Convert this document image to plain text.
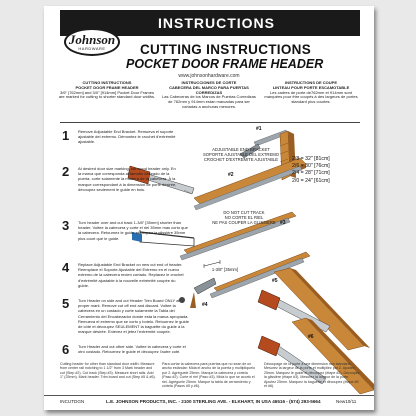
INSTRUCTIONS
Johnson
HARDWARE	CUTTING INSTRUCTIONS
POCKET DOOR FRAME HEADER
www.johnsonhardware.com
CUTTING INSTRUCTIONS
POCKET DOOR FRAME HEADER
3/6" [762mm] and 3/0" [914mm] Pocket Door Frames are marked for cutting to shorter standard door widths.
INSTRUCCIONES DE CORTE
CABECERA DEL MARCO PARA PUERTAS CORREDIZAS
Las Cabeceras de los Marcos de Puertas Corredizas de 762mm y 914mm estan marcadas para ser cortadas a anchuras menores.
INSTRUCTIONS DE COUPE
LINTEAU POUR PORTE ESCAMOTABLE
Les cadres de porte de762mm et 914mm sont marquées pour être coupés à des largeurs de portes standard plus courtes.
#1
ADJUSTABLE END BRACKET
SOPORTE AJUSTABLE DEL EXTREMO
CROCHET D'EXTREMITE AJUSTABLE
#2
DO NOT CUT TRACK
NO CORTE EL RIEL
NE PAS COUPER LA GLISSIERE #3
1-3/8" [35mm]
#4
#5
#6
2/8 = 32" [81cm]
2/6 = 30" [76cm]
2/4 = 28" [71cm]
2/0 = 24" [61cm]
1 Remove Adjustable End Bracket. Remueva el soporte ajustable del extremo. Démontez le crochet d'extrémité ajustable.
2 At desired door size marking, cut wood header only. En la marca que corresponda al tamaño deseado de la puerta, corte solamente la madera de la cabecera. À la marque correspondant à la dimension de porte désirée, découpez seulement le guide en bois.
3 Turn header over and cut track 1-3/8" [35mm] shorter than header. Voltee la cabecera y corte el riel 35mm mas corto que la cabecera. Retournez le guide et coupez la glissière 35mm plus court que le guide.
4 Replace Adjustable End Bracket on new cut end of header. Reemplace el Soporte Ajustable del Extremo en el nuevo extremo de la cabecera recien cortado. Replacez le crochet d'extrémité ajustable à la nouvelle extrémité coupée du guide.
5 Turn Header on side and cut Header Trim Board ONLY at proper mark. Remove cut off end and discard. Voltee la cabecera en un costado y corte solamente la Tabla del Cerramiento del Encabezador donde esta la marca apropiada. Remueva el extremo que se corto y botelo. Retournez le guide de côté et découpez SEULEMENT la baguette du guide à la marque désirée. Enlevez et jetez l'extrémité coupée.
6 Turn Header and cut other side. Voltee la cabecera y corte el otro costado. Retournez le guide et découpez l'autre coté.
Cutting header for other than standard door width: Measure from center rail notching to 1 1/2" from 3 Mark header and cut (Step #2). Cut track (Step #3). Measure short rails. Add 1" (25mm). Mark header. Trim board and cut (Step #5 & #6).
Para cortar la cabecera para puertas que no sean de un ancho estándar: Mida el ancho de la puerta y multiplíquelo por 2. Agréguele 25mm. Marque la cabecera y córtela (Paso #2). Corte el riel (Paso #3). Mida lo que se acortó el riel. Agréguele 25mm. Marque la tabla de cerramiento y córtela (Pasos #5 y #6).
Découpage de la porte à une dimension non standard: Mesurez la largeur de la porte et multipliez par 2. Ajoutez 25mm. Marquez le guide et découpez (étape #2). Découpez la glissière (étape #3). Mesurez la largeur de la porte. Ajoutez 25mm. Marquez la baguette et découpez (étape #5 et #6).
INCUTDGN	L.E. JOHNSON PRODUCTS, INC. - 2100 STERLING AVE. - ELKHART, IN USA 46516 - (574) 293-5664	New10/11
